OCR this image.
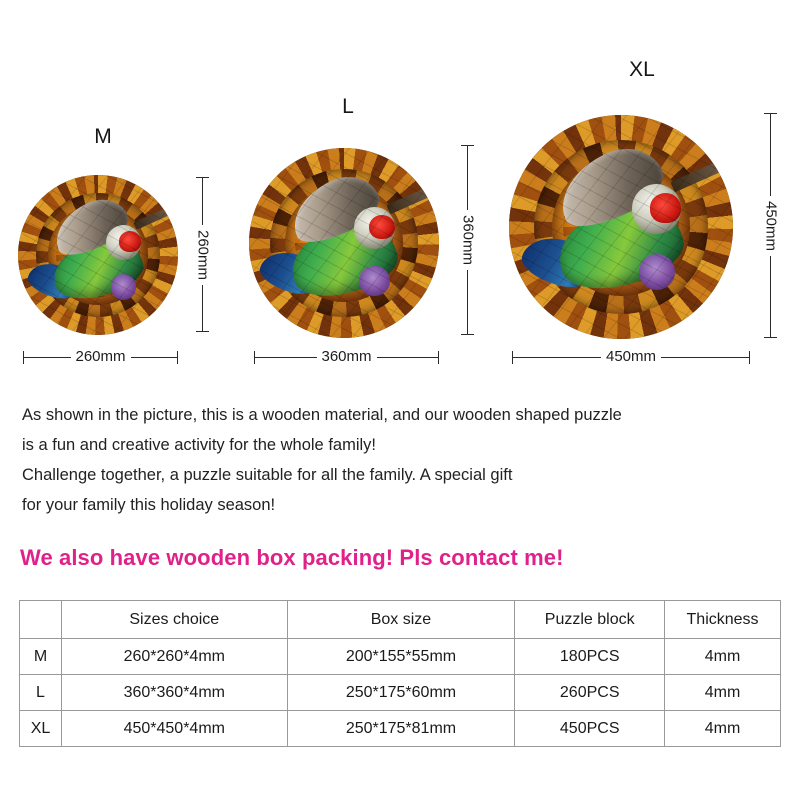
M
260mm
260mm
L
360mm
360mm
XL
450mm
450mm

As shown in the picture, this is a wooden material, and our wooden shaped puzzle

is a fun and creative activity for the whole family!

Challenge together, a puzzle suitable for all the family. A special gift

for your family this holiday season!

We also have wooden box packing! Pls contact me!
	Sizes choice	Box size	Puzzle block	Thickness
M	260*260*4mm	200*155*55mm	180PCS	4mm
L	360*360*4mm	250*175*60mm	260PCS	4mm
XL	450*450*4mm	250*175*81mm	450PCS	4mm
